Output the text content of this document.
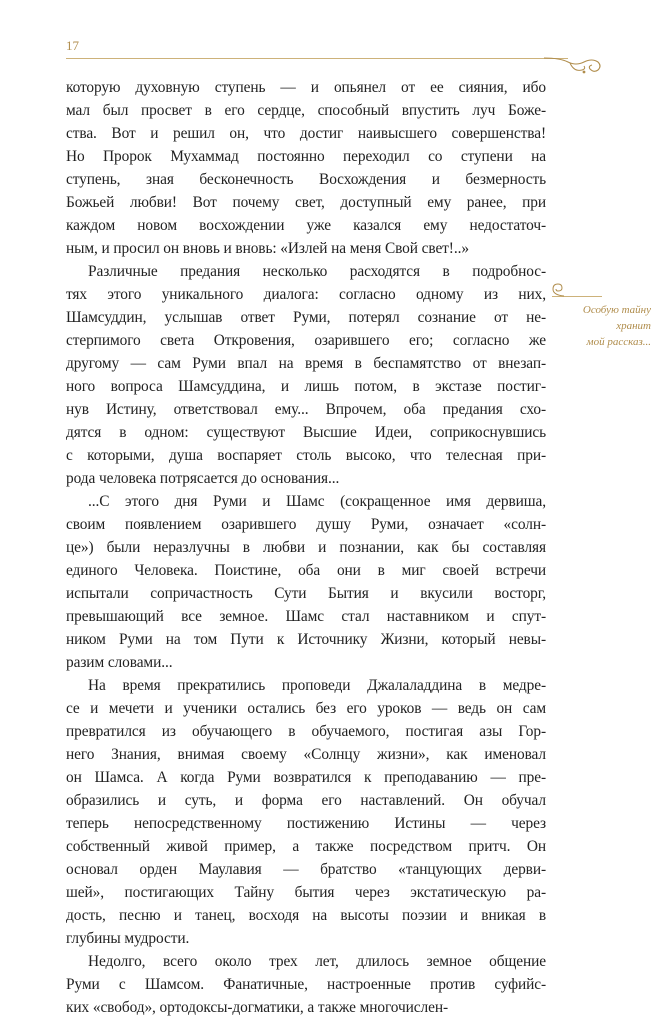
17
которую духовную ступень — и опьянел от ее сияния, ибо
мал был просвет в его сердце, способный впустить луч Боже-
ства. Вот и решил он, что достиг наивысшего совершенства!
Но Пророк Мухаммад постоянно переходил со ступени на
ступень, зная бесконечность Восхождения и безмерность
Божьей любви! Вот почему свет, доступный ему ранее, при
каждом новом восхождении уже казался ему недостаточ-
ным, и просил он вновь и вновь: «Излей на меня Свой свет!..»
Различные предания несколько расходятся в подробнос-
тях этого уникального диалога: согласно одному из них,
Шамсуддин, услышав ответ Руми, потерял сознание от не-
стерпимого света Откровения, озарившего его; согласно же
другому — сам Руми впал на время в беспамятство от внезап-
ного вопроса Шамсуддина, и лишь потом, в экстазе постиг-
нув Истину, ответствовал ему... Впрочем, оба предания схо-
дятся в одном: существуют Высшие Идеи, соприкоснувшись
с которыми, душа воспаряет столь высоко, что телесная при-
рода человека потрясается до основания...
...С этого дня Руми и Шамс (сокращенное имя дервиша,
своим появлением озарившего душу Руми, означает «солн-
це») были неразлучны в любви и познании, как бы составляя
единого Человека. Поистине, оба они в миг своей встречи
испытали сопричастность Сути Бытия и вкусили восторг,
превышающий все земное. Шамс стал наставником и спут-
ником Руми на том Пути к Источнику Жизни, который невы-
разим словами...
На время прекратились проповеди Джалаладдина в медре-
се и мечети и ученики остались без его уроков — ведь он сам
превратился из обучающего в обучаемого, постигая азы Гор-
него Знания, внимая своему «Солнцу жизни», как именовал
он Шамса. А когда Руми возвратился к преподаванию — пре-
образились и суть, и форма его наставлений. Он обучал
теперь непосредственному постижению Истины — через
собственный живой пример, а также посредством притч. Он
основал орден Маулавия — братство «танцующих дерви-
шей», постигающих Тайну бытия через экстатическую ра-
дость, песню и танец, восходя на высоты поэзии и вникая в
глубины мудрости.
Недолго, всего около трех лет, длилось земное общение
Руми с Шамсом. Фанатичные, настроенные против суфийс-
ких «свобод», ортодоксы-догматики, а также многочислен-
Особую тайну
хранит
мой рассказ...
